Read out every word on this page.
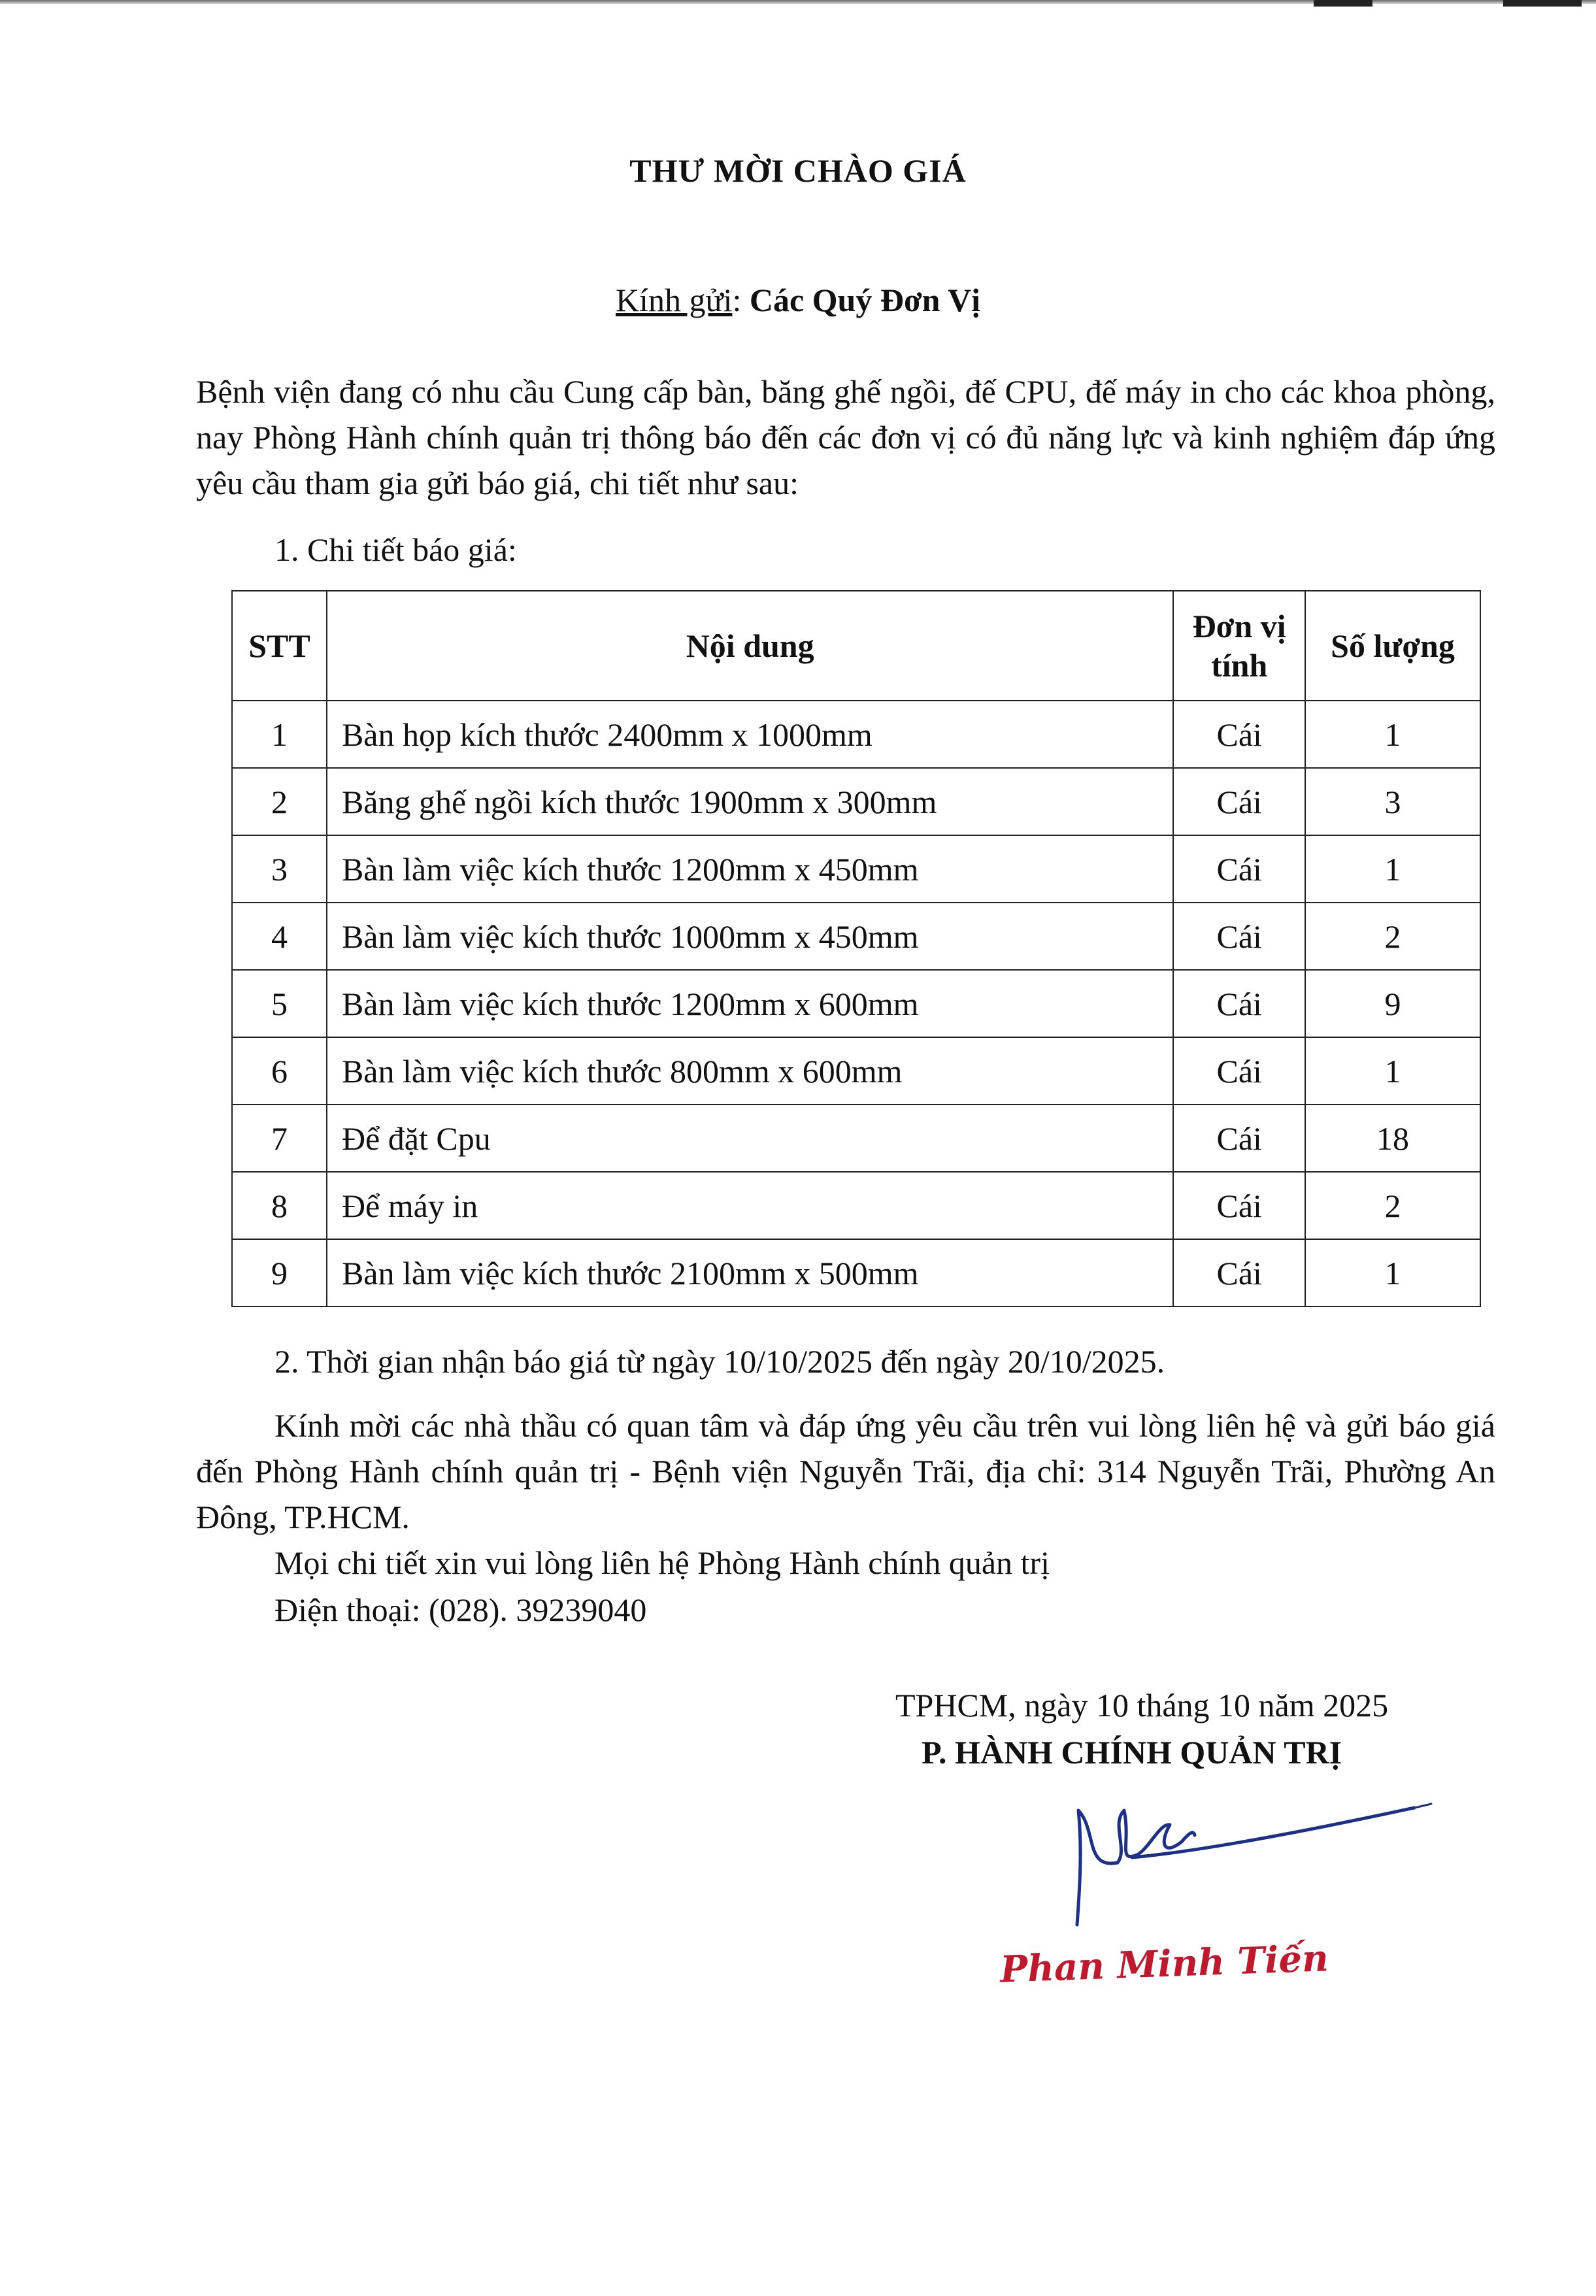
THƯ MỜI CHÀO GIÁ
Kính gửi: Các Quý Đơn Vị
Bệnh viện đang có nhu cầu Cung cấp bàn, băng ghế ngồi, đế CPU, đế máy in cho các khoa phòng, nay Phòng Hành chính quản trị thông báo đến các đơn vị có đủ năng lực và kinh nghiệm đáp ứng yêu cầu tham gia gửi báo giá, chi tiết như sau:
1. Chi tiết báo giá:
STT	Nội dung	Đơn vị tính	Số lượng
1	Bàn họp kích thước 2400mm x 1000mm	Cái	1
2	Băng ghế ngồi kích thước 1900mm x 300mm	Cái	3
3	Bàn làm việc kích thước 1200mm x 450mm	Cái	1
4	Bàn làm việc kích thước 1000mm x 450mm	Cái	2
5	Bàn làm việc kích thước 1200mm x 600mm	Cái	9
6	Bàn làm việc kích thước 800mm x 600mm	Cái	1
7	Để đặt Cpu	Cái	18
8	Để máy in	Cái	2
9	Bàn làm việc kích thước 2100mm x 500mm	Cái	1
2. Thời gian nhận báo giá từ ngày 10/10/2025 đến ngày 20/10/2025.
Kính mời các nhà thầu có quan tâm và đáp ứng yêu cầu trên vui lòng liên hệ và gửi báo giá đến Phòng Hành chính quản trị - Bệnh viện Nguyễn Trãi, địa chỉ: 314 Nguyễn Trãi, Phường An Đông, TP.HCM.
Mọi chi tiết xin vui lòng liên hệ Phòng Hành chính quản trị
Điện thoại: (028). 39239040
TPHCM, ngày 10 tháng 10 năm 2025
P. HÀNH CHÍNH QUẢN TRỊ
Phan Minh Tiến
